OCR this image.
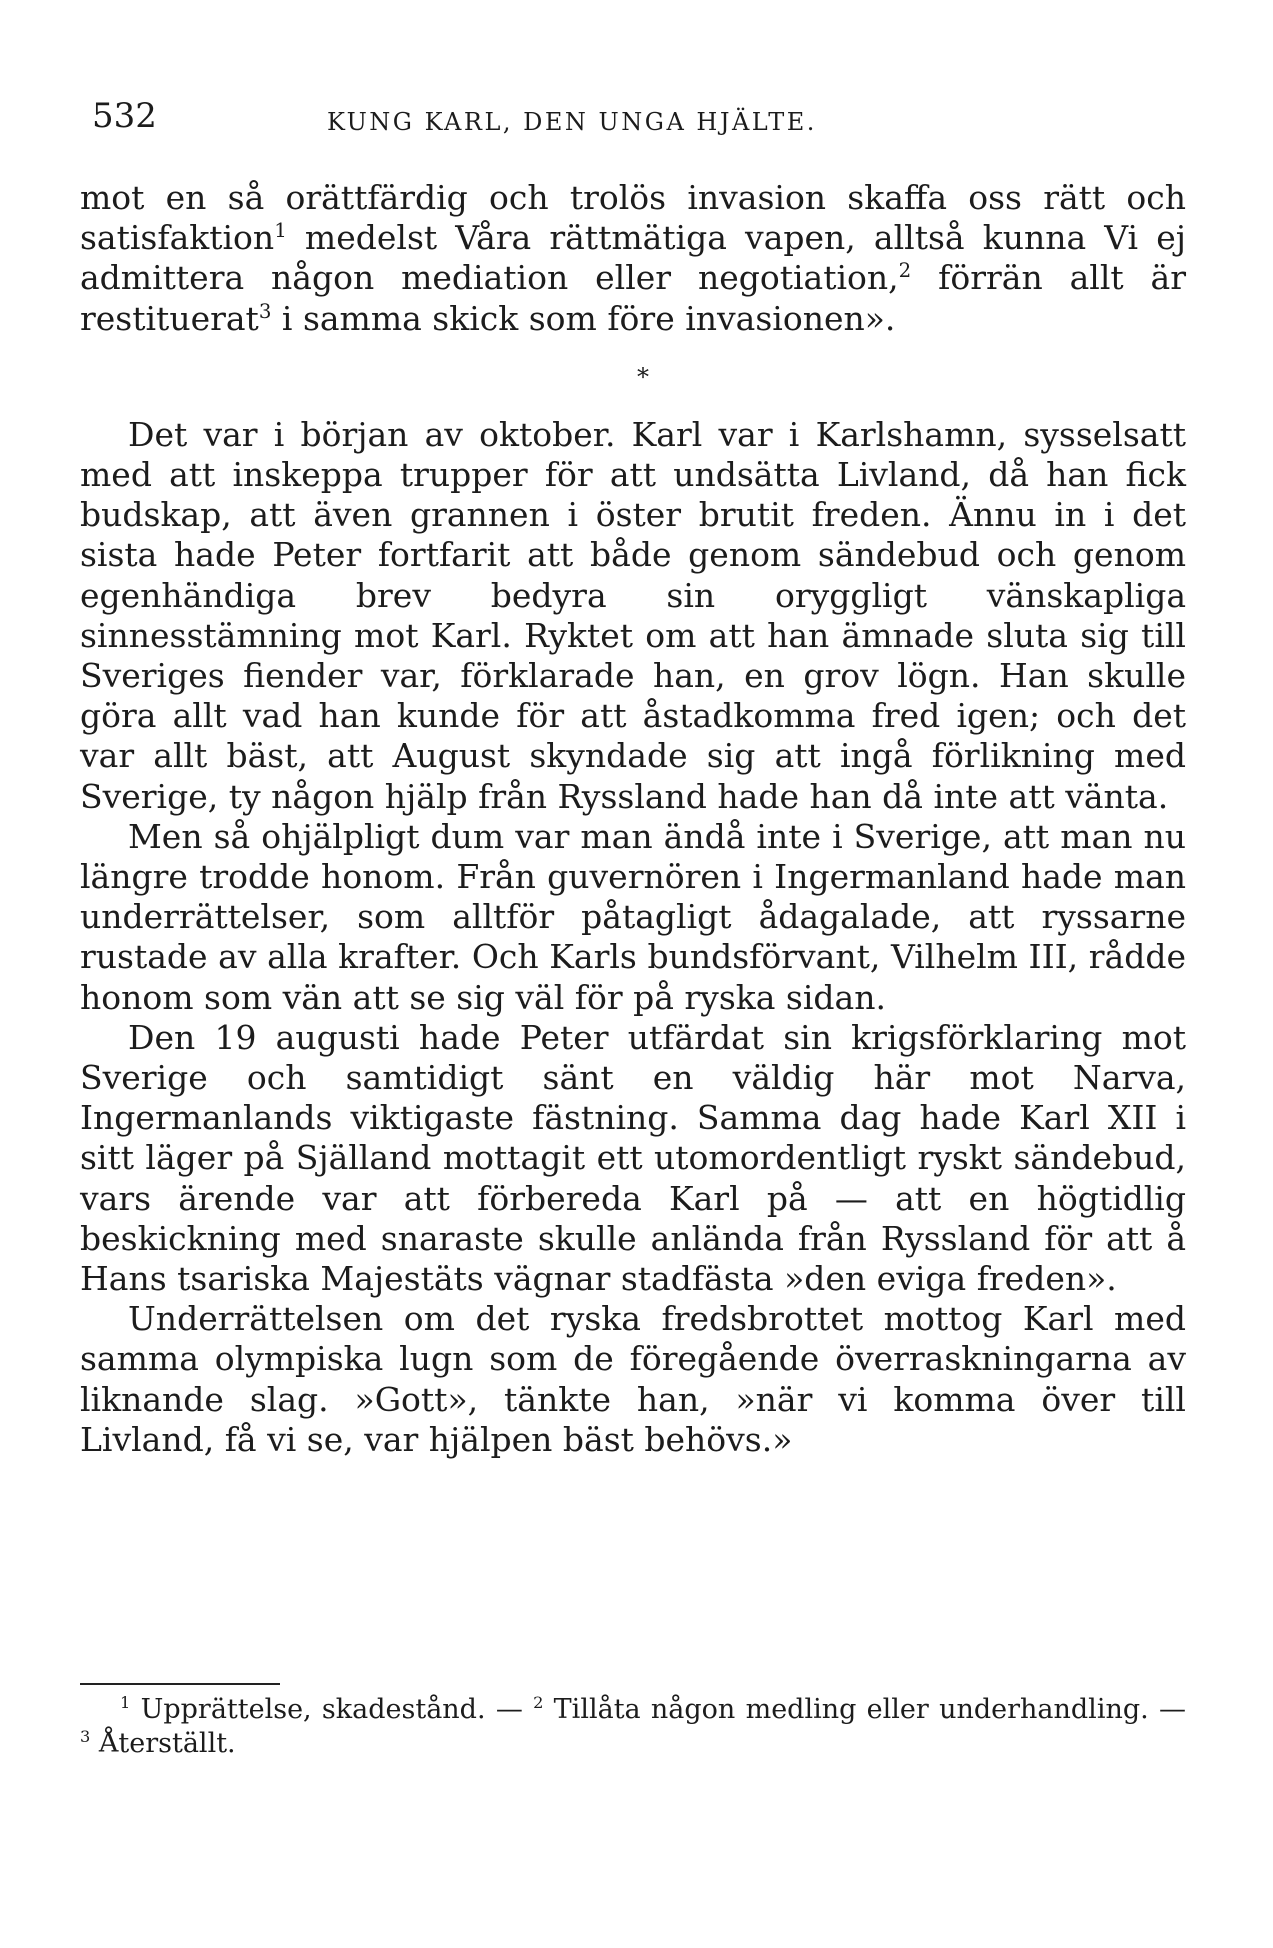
532	KUNG KARL, DEN UNGA HJÄLTE.

mot en så orättfärdig och trolös invasion skaffa oss rätt och satisfaktion$^1$ medelst Våra rättmätiga vapen, alltså kunna Vi ej admittera någon mediation eller negotiation,$^2$ förrän allt är restituerat$^3$ i samma skick som före invasionen».

*

Det var i början av oktober. Karl var i Karlshamn, sysselsatt med att inskeppa trupper för att undsätta Livland, då han fick budskap, att även grannen i öster brutit freden. Ännu in i det sista hade Peter fortfarit att både genom sändebud och genom egenhändiga brev bedyra sin oryggligt vänskapliga sinnesstämning mot Karl. Ryktet om att han ämnade sluta sig till Sveriges fiender var, förklarade han, en grov lögn. Han skulle göra allt vad han kunde för att åstadkomma fred igen; och det var allt bäst, att August skyndade sig att ingå förlikning med Sverige, ty någon hjälp från Ryssland hade han då inte att vänta.

Men så ohjälpligt dum var man ändå inte i Sverige, att man nu längre trodde honom. Från guvernören i Ingermanland hade man underrättelser, som alltför påtagligt ådagalade, att ryssarne rustade av alla krafter. Och Karls bundsförvant, Vilhelm III, rådde honom som vän att se sig väl för på ryska sidan.

Den 19 augusti hade Peter utfärdat sin krigsförklaring mot Sverige och samtidigt sänt en väldig här mot Narva, Ingermanlands viktigaste fästning. Samma dag hade Karl XII i sitt läger på Själland mottagit ett utomordentligt ryskt sändebud, vars ärende var att förbereda Karl på — att en högtidlig beskickning med snaraste skulle anlända från Ryssland för att å Hans tsariska Majestäts vägnar stadfästa »den eviga freden».

Underrättelsen om det ryska fredsbrottet mottog Karl med samma olympiska lugn som de föregående överraskningarna av liknande slag. »Gott», tänkte han, »när vi komma över till Livland, få vi se, var hjälpen bäst behövs.»

$^1$ Upprättelse, skadestånd. — $^2$ Tillåta någon medling eller underhandling. — $^3$ Återställt.
